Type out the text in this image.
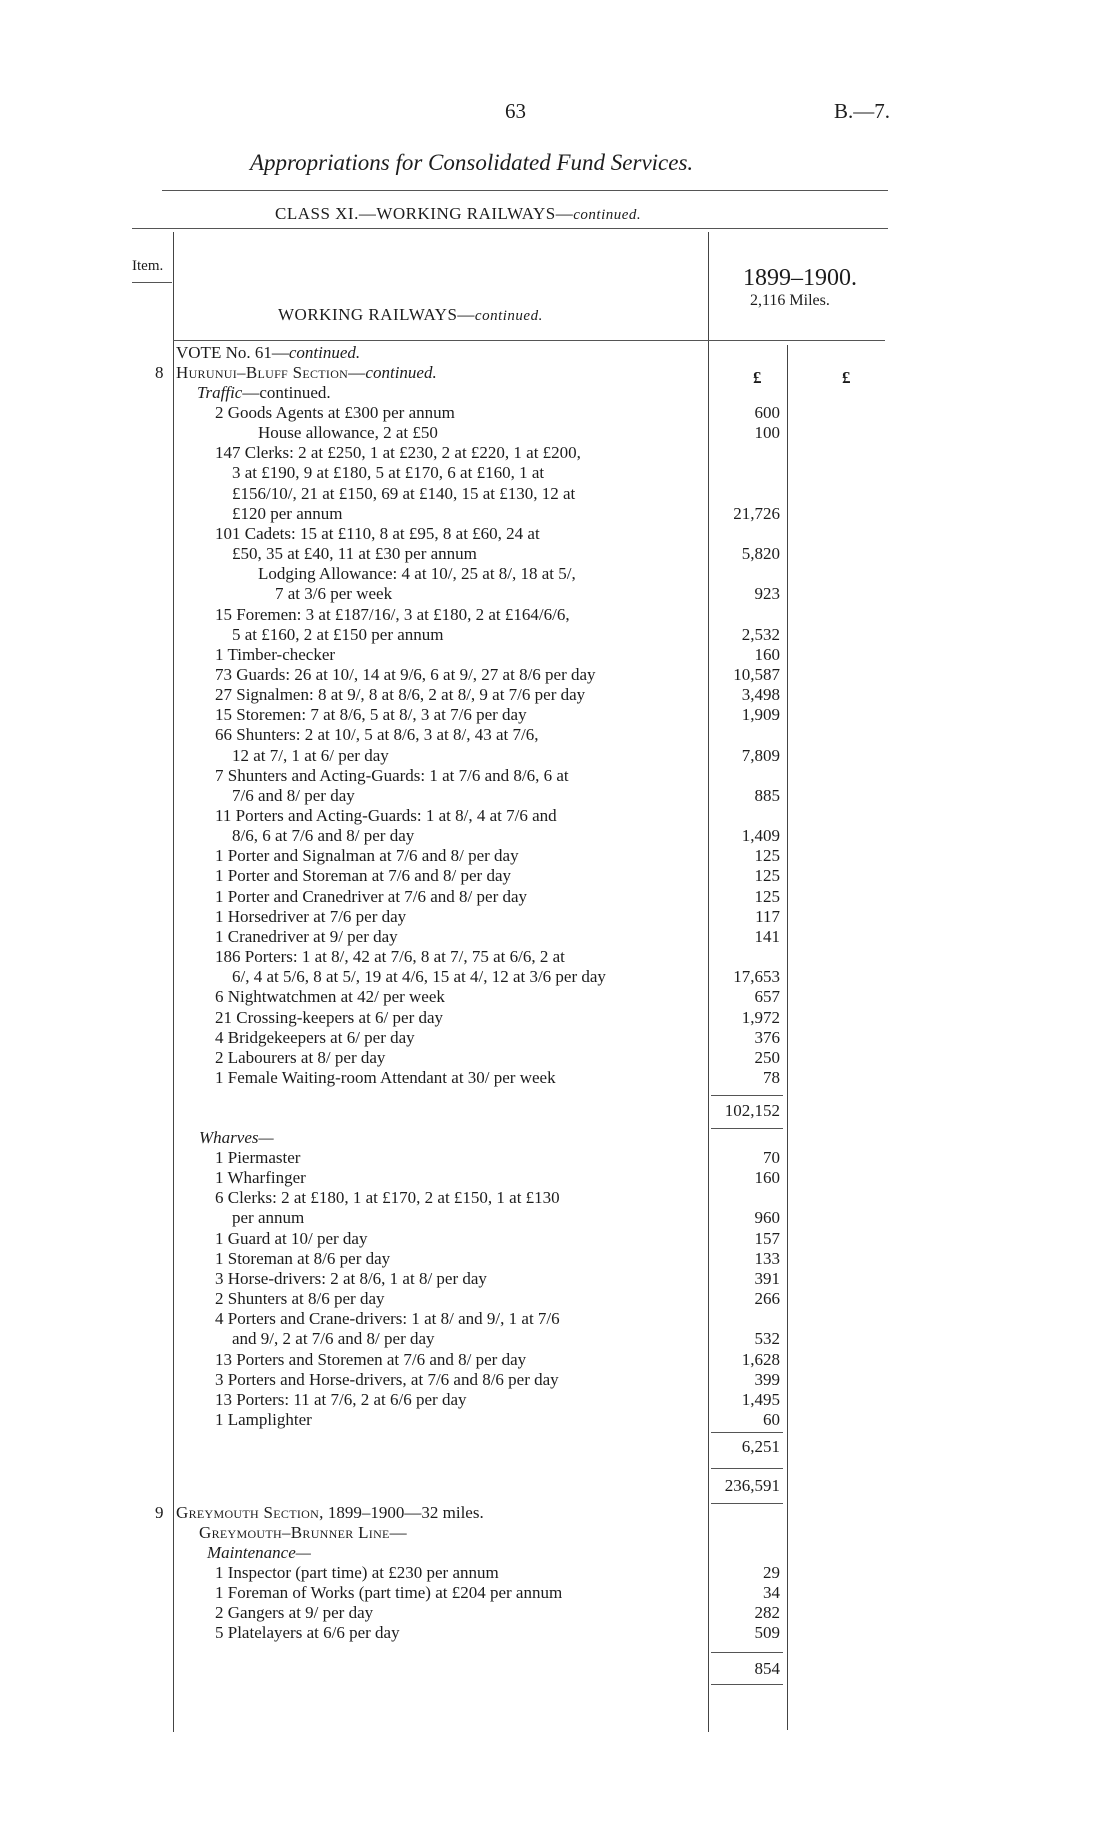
63	B.—7.
Appropriations for Consolidated Fund Services.
CLASS XI.—WORKING RAILWAYS—continued.
Item.
WORKING RAILWAYS—continued.
1899–1900.
2,116 Miles.
£	£
VOTE No. 61—continued.
8 Hurunui–Bluff Section—continued.
Traffic—continued.
2 Goods Agents at £300 per annum
House allowance, 2 at £50
147 Clerks: 2 at £250, 1 at £230, 2 at £220, 1 at £200,
3 at £190, 9 at £180, 5 at £170, 6 at £160, 1 at
£156/10/, 21 at £150, 69 at £140, 15 at £130, 12 at
£120 per annum
101 Cadets: 15 at £110, 8 at £95, 8 at £60, 24 at
£50, 35 at £40, 11 at £30 per annum
Lodging Allowance: 4 at 10/, 25 at 8/, 18 at 5/,
7 at 3/6 per week
15 Foremen: 3 at £187/16/, 3 at £180, 2 at £164/6/6,
5 at £160, 2 at £150 per annum
1 Timber-checker
73 Guards: 26 at 10/, 14 at 9/6, 6 at 9/, 27 at 8/6 per day
27 Signalmen: 8 at 9/, 8 at 8/6, 2 at 8/, 9 at 7/6 per day
15 Storemen: 7 at 8/6, 5 at 8/, 3 at 7/6 per day
66 Shunters: 2 at 10/, 5 at 8/6, 3 at 8/, 43 at 7/6,
12 at 7/, 1 at 6/ per day
7 Shunters and Acting-Guards: 1 at 7/6 and 8/6, 6 at
7/6 and 8/ per day
11 Porters and Acting-Guards: 1 at 8/, 4 at 7/6 and
8/6, 6 at 7/6 and 8/ per day
1 Porter and Signalman at 7/6 and 8/ per day
1 Porter and Storeman at 7/6 and 8/ per day
1 Porter and Cranedriver at 7/6 and 8/ per day
1 Horsedriver at 7/6 per day
1 Cranedriver at 9/ per day
186 Porters: 1 at 8/, 42 at 7/6, 8 at 7/, 75 at 6/6, 2 at
6/, 4 at 5/6, 8 at 5/, 19 at 4/6, 15 at 4/, 12 at 3/6 per day
6 Nightwatchmen at 42/ per week
21 Crossing-keepers at 6/ per day
4 Bridgekeepers at 6/ per day
2 Labourers at 8/ per day
1 Female Waiting-room Attendant at 30/ per week
600
100
21,726
5,820
923
2,532
160
10,587
3,498
1,909
7,809
885
1,409
125
125
125
117
141
17,653
657
1,972
376
250
78
102,152
Wharves—
1 Piermaster
1 Wharfinger
6 Clerks: 2 at £180, 1 at £170, 2 at £150, 1 at £130
per annum
1 Guard at 10/ per day
1 Storeman at 8/6 per day
3 Horse-drivers: 2 at 8/6, 1 at 8/ per day
2 Shunters at 8/6 per day
4 Porters and Crane-drivers: 1 at 8/ and 9/, 1 at 7/6
and 9/, 2 at 7/6 and 8/ per day
13 Porters and Storemen at 7/6 and 8/ per day
3 Porters and Horse-drivers, at 7/6 and 8/6 per day
13 Porters: 11 at 7/6, 2 at 6/6 per day
1 Lamplighter
70
160
960
157
133
391
266
532
1,628
399
1,495
60
6,251
236,591
9 Greymouth Section, 1899–1900—32 miles.
Greymouth–Brunner Line—
Maintenance—
1 Inspector (part time) at £230 per annum
1 Foreman of Works (part time) at £204 per annum
2 Gangers at 9/ per day
5 Platelayers at 6/6 per day
29
34
282
509
854
